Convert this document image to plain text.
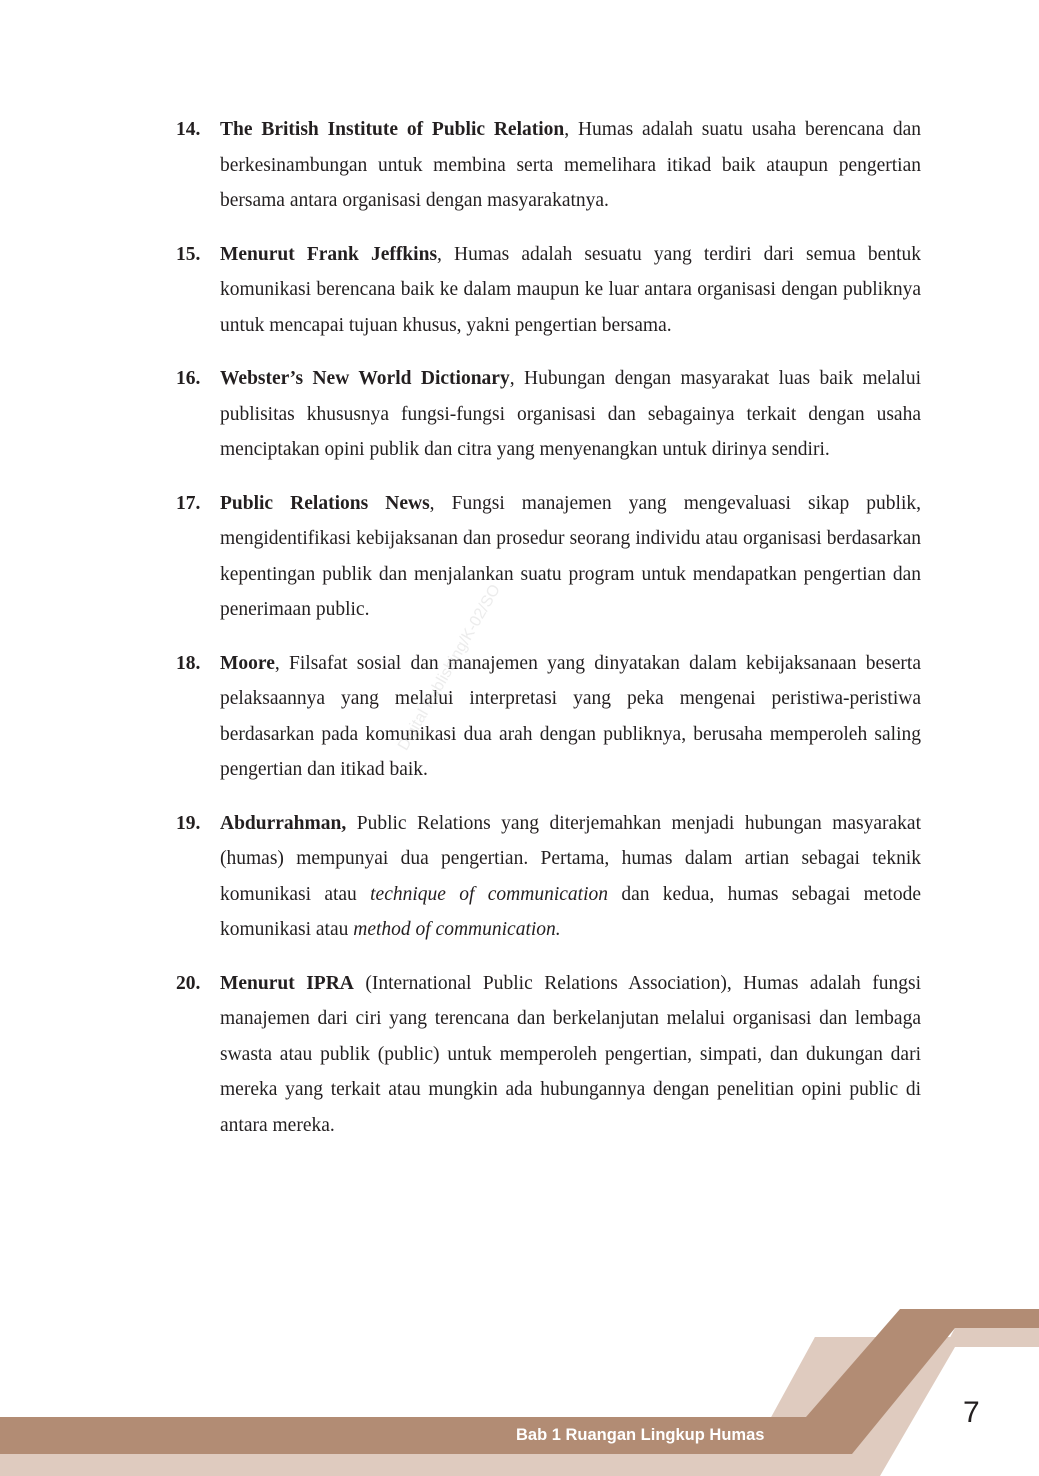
14. The British Institute of Public Relation, Humas adalah suatu usaha berencana dan berkesinambungan untuk membina serta memelihara itikad baik ataupun pengertian bersama antara organisasi dengan masyarakatnya.
15. Menurut Frank Jeffkins, Humas adalah sesuatu yang terdiri dari semua bentuk komunikasi berencana baik ke dalam maupun ke luar antara organisasi dengan publiknya untuk mencapai tujuan khusus, yakni pengertian bersama.
16. Webster’s New World Dictionary, Hubungan dengan masyarakat luas baik melalui publisitas khususnya fungsi-fungsi organisasi dan sebagainya terkait dengan usaha menciptakan opini publik dan citra yang menyenangkan untuk dirinya sendiri.
17. Public Relations News, Fungsi manajemen yang mengevaluasi sikap publik, mengidentifikasi kebijaksanan dan prosedur seorang individu atau organisasi berdasarkan kepentingan publik dan menjalankan suatu program untuk mendapatkan pengertian dan penerimaan public.
18. Moore, Filsafat sosial dan manajemen yang dinyatakan dalam kebijaksanaan beserta pelaksaannya yang melalui interpretasi yang peka mengenai peristiwa-peristiwa berdasarkan pada komunikasi dua arah dengan publiknya, berusaha memperoleh saling pengertian dan itikad baik.
19. Abdurrahman, Public Relations yang diterjemahkan menjadi hubungan masyarakat (humas) mempunyai dua pengertian. Pertama, humas dalam artian sebagai teknik komunikasi atau technique of communication dan kedua, humas sebagai metode komunikasi atau method of communication.
20. Menurut IPRA (International Public Relations Association), Humas adalah fungsi manajemen dari ciri yang terencana dan berkelanjutan melalui organisasi dan lembaga swasta atau publik (public) untuk memperoleh pengertian, simpati, dan dukungan dari mereka yang terkait atau mungkin ada hubungannya dengan penelitian opini public di antara mereka.
Digital Publishing/K-02/SO
Bab 1 Ruangan Lingkup Humas
7
